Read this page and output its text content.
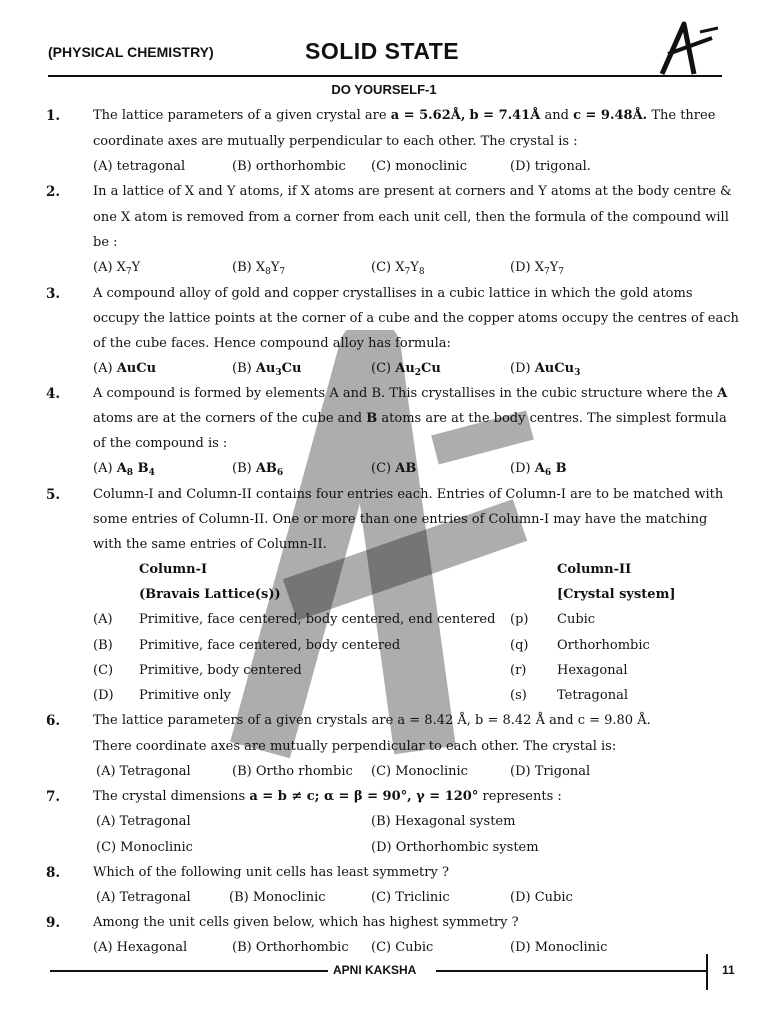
(PHYSICAL CHEMISTRY)	SOLID STATE
DO YOURSELF-1
1.	The lattice parameters of a given crystal are a = 5.62Å, b = 7.41Å and c = 9.48Å. The three
coordinate axes are mutually perpendicular to each other. The crystal is :
(A) tetragonal	(B) orthorhombic (C) monoclinic	(D) trigonal.
2.	In a lattice of X and Y atoms, if X atoms are present at corners and Y atoms at the body centre &
one X atom is removed from a corner from each unit cell, then the formula of the compound will
be :
(A) $X_7Y$	(B) $X_8Y_7$	(C) $X_7Y_8$	(D) $X_7Y_7$
3.	A compound alloy of gold and copper crystallises in a cubic lattice in which the gold atoms
occupy the lattice points at the corner of a cube and the copper atoms occupy the centres of each
of the cube faces. Hence compound alloy has formula:
(A) AuCu	(B) $Au_3Cu$	(C) $Au_2Cu$	(D) AuCu$_3$
4.	A compound is formed by elements A and B. This crystallises in the cubic structure where the A
atoms are at the corners of the cube and B atoms are at the body centres. The simplest formula
of the compound is :
(A) $A_8$ $B_4$	(B) $AB_6$	(C) AB	(D) $A_6$ B
5.	Column-I and Column-II contains four entries each. Entries of Column-I are to be matched with
some entries of Column-II. One or more than one entries of Column-I may have the matching
with the same entries of Column-II.
Column-I	Column-II
(Bravais Lattice(s))	[Crystal system]
(A) Primitive, face centered, body centered, end centered (p) Cubic
(B) Primitive, face centered, body centered	(q) Orthorhombic
(C) Primitive, body centered	(r) Hexagonal
(D) Primitive only	(s) Tetragonal
6.	The lattice parameters of a given crystals are a = 8.42 Å, b = 8.42 Å and c = 9.80 Å.
There coordinate axes are mutually perpendicular to each other. The crystal is:
(A) Tetragonal	(B) Ortho rhombic (C) Monoclinic	(D) Trigonal
7.	The crystal dimensions a = b ≠ c; α = β = 90°, γ = 120° represents :
(A) Tetragonal	(B) Hexagonal system
(C) Monoclinic	(D) Orthorhombic system
8.	Which of the following unit cells has least symmetry ?
(A) Tetragonal	(B) Monoclinic	(C) Triclinic	(D) Cubic
9.	Among the unit cells given below, which has highest symmetry ?
(A) Hexagonal	(B) Orthorhombic (C) Cubic	(D) Monoclinic
APNI KAKSHA	11
